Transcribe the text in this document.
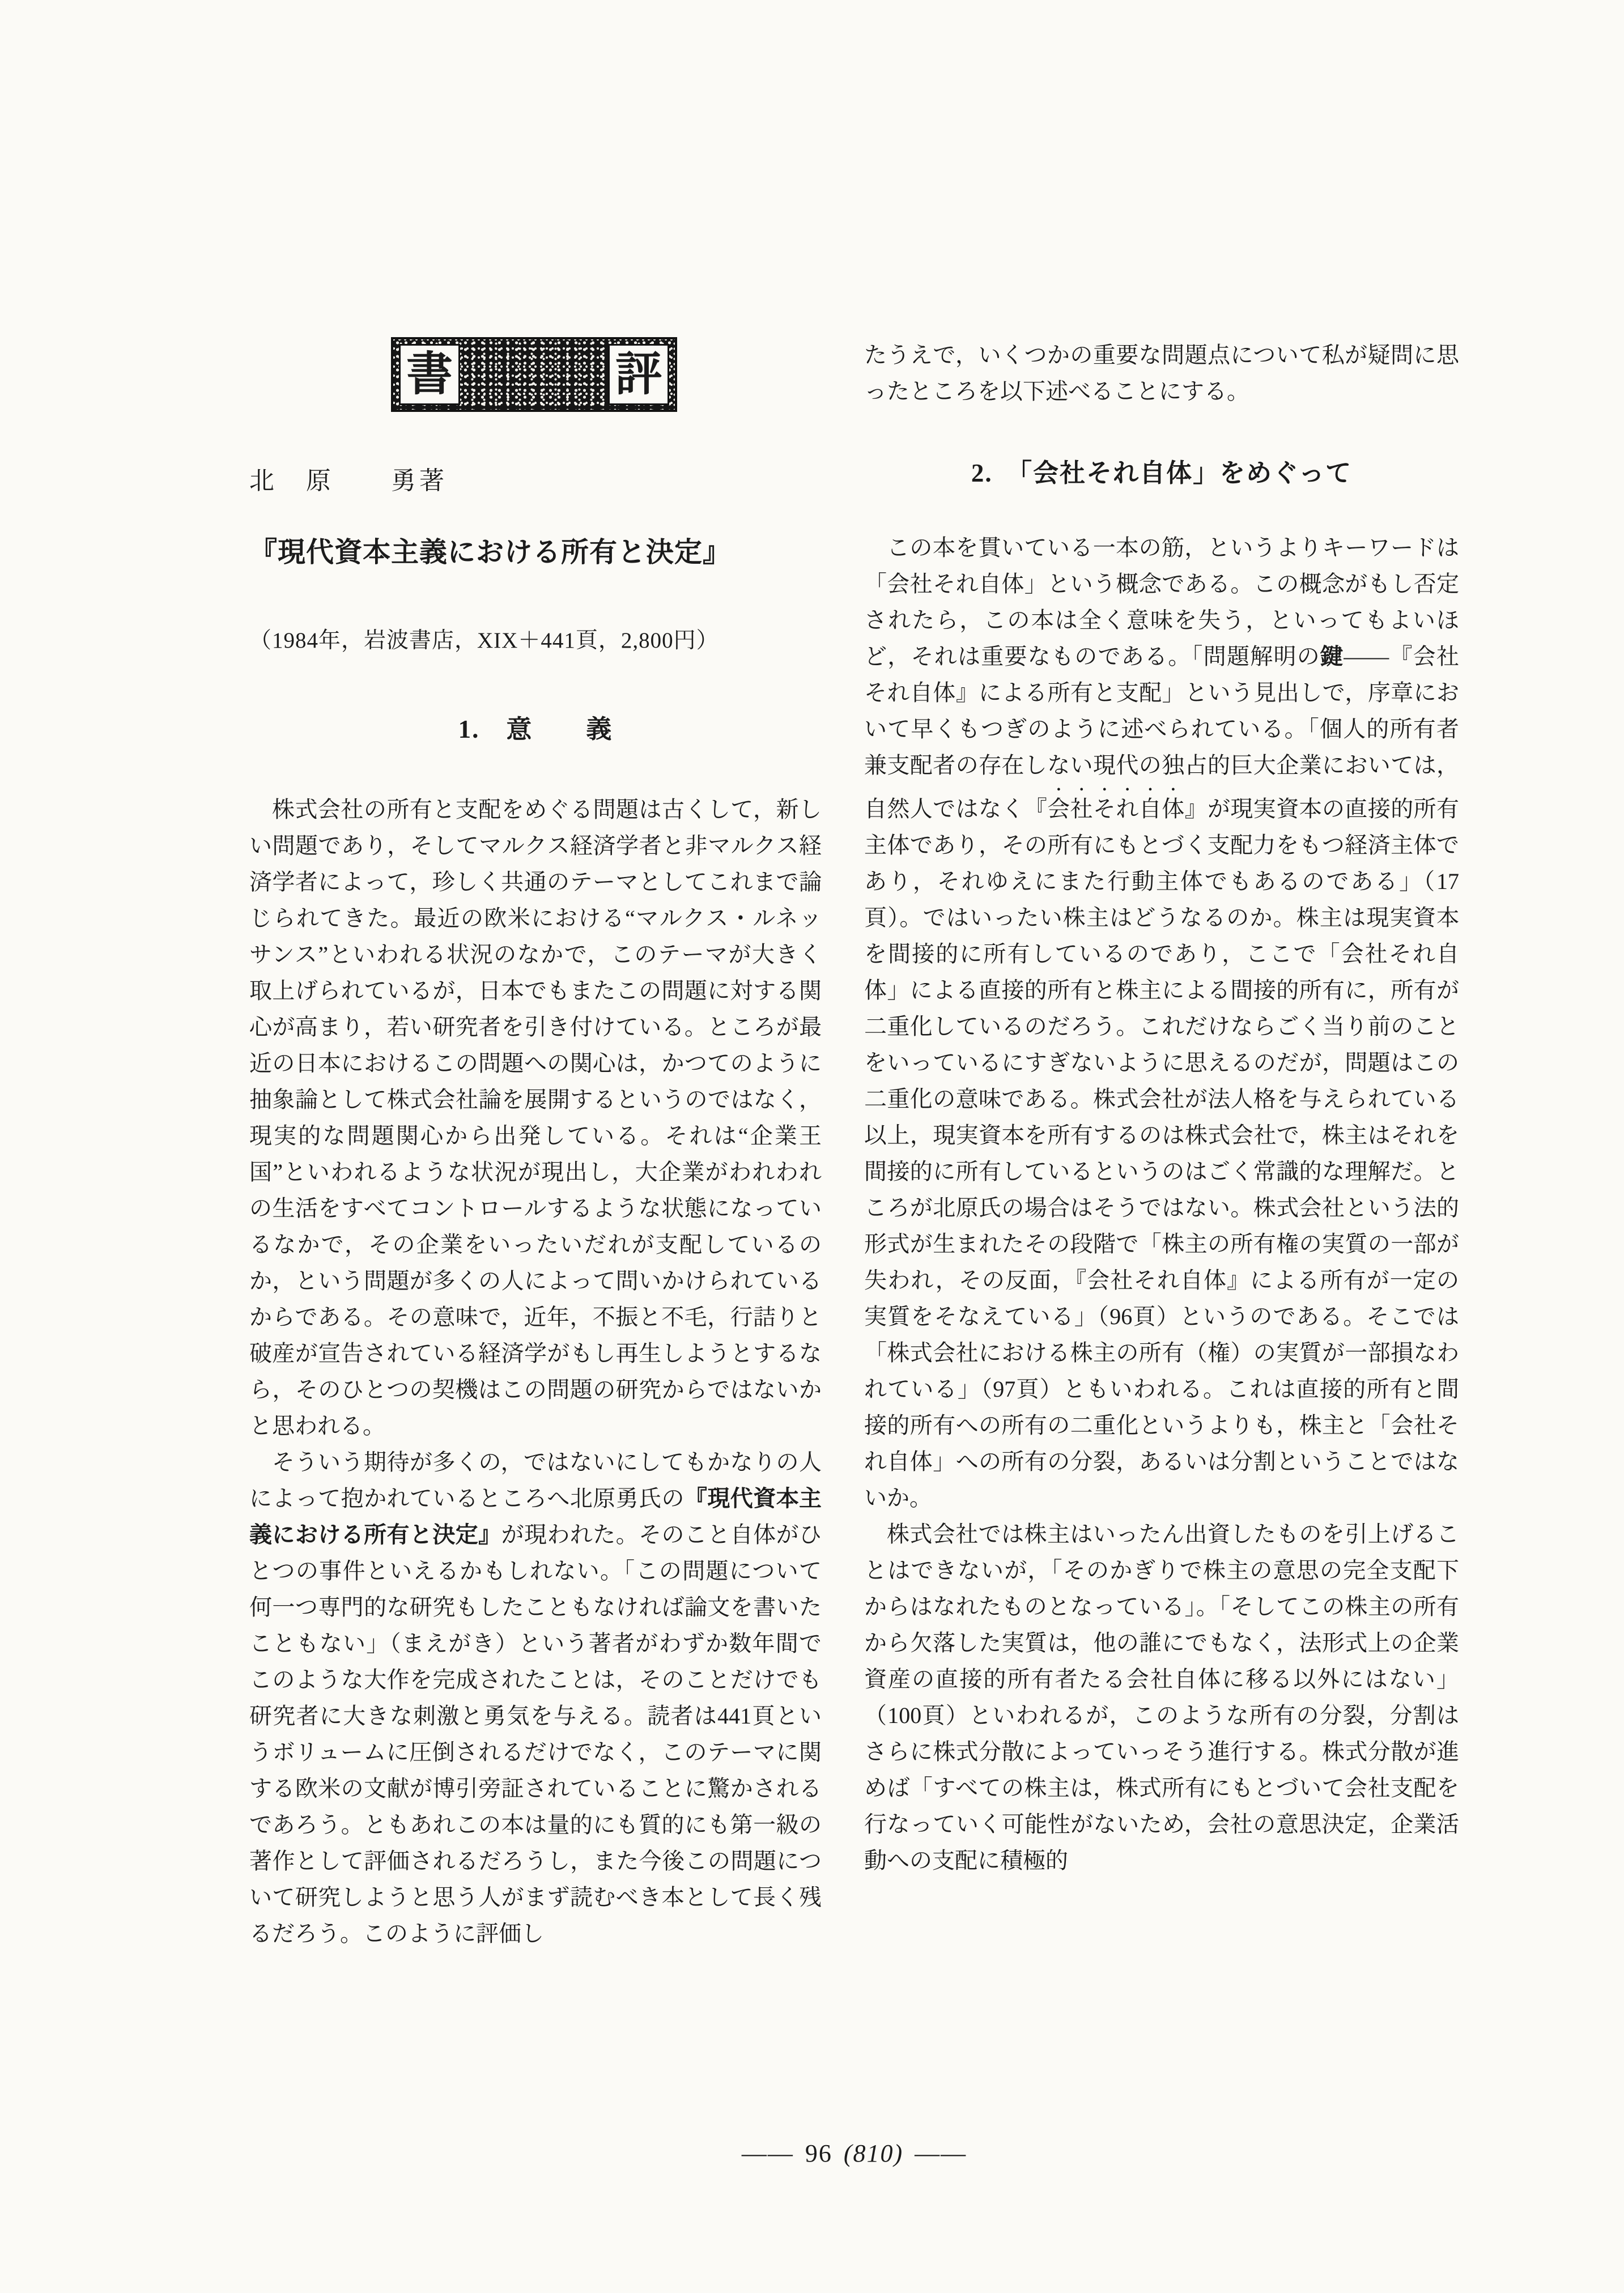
書	評
北　原　　勇著
『現代資本主義における所有と決定』
（1984年，岩波書店，XIX＋441頁，2,800円）
1.　意　　義

株式会社の所有と支配をめぐる問題は古くして，新しい問題であり，そしてマルクス経済学者と非マルクス経済学者によって，珍しく共通のテーマとしてこれまで論じられてきた。最近の欧米における“マルクス・ルネッサンス”といわれる状況のなかで，このテーマが大きく取上げられているが，日本でもまたこの問題に対する関心が高まり，若い研究者を引き付けている。ところが最近の日本におけるこの問題への関心は，かつてのように抽象論として株式会社論を展開するというのではなく，現実的な問題関心から出発している。それは“企業王国”といわれるような状況が現出し，大企業がわれわれの生活をすべてコントロールするような状態になっているなかで，その企業をいったいだれが支配しているのか，という問題が多くの人によって問いかけられているからである。その意味で，近年，不振と不毛，行詰りと破産が宣告されている経済学がもし再生しようとするなら，そのひとつの契機はこの問題の研究からではないかと思われる。

そういう期待が多くの，ではないにしてもかなりの人によって抱かれているところへ北原勇氏の『現代資本主義における所有と決定』が現われた。そのこと自体がひとつの事件といえるかもしれない。「この問題について何一つ専門的な研究もしたこともなければ論文を書いたこともない」（まえがき）という著者がわずか数年間でこのような大作を完成されたことは，そのことだけでも研究者に大きな刺激と勇気を与える。読者は441頁というボリュームに圧倒されるだけでなく，このテーマに関する欧米の文献が博引旁証されていることに驚かされるであろう。ともあれこの本は量的にも質的にも第一級の著作として評価されるだろうし，また今後この問題について研究しようと思う人がまず読むべき本として長く残るだろう。このように評価し

たうえで，いくつかの重要な問題点について私が疑問に思ったところを以下述べることにする。

2.　「会社それ自体」をめぐって

この本を貫いている一本の筋，というよりキーワードは「会社それ自体」という概念である。この概念がもし否定されたら，この本は全く意味を失う，といってもよいほど，それは重要なものである。「問題解明の鍵——『会社それ自体』による所有と支配」という見出しで，序章において早くもつぎのように述べられている。「個人的所有者兼支配者の存在しない現代の独占的巨大企業においては，自然人ではなく『会社それ自体』が現実資本の直接的所有主体であり，その所有にもとづく支配力をもつ経済主体であり，それゆえにまた行動主体でもあるのである」（17頁）。ではいったい株主はどうなるのか。株主は現実資本を間接的に所有しているのであり，ここで「会社それ自体」による直接的所有と株主による間接的所有に，所有が二重化しているのだろう。これだけならごく当り前のことをいっているにすぎないように思えるのだが，問題はこの二重化の意味である。株式会社が法人格を与えられている以上，現実資本を所有するのは株式会社で，株主はそれを間接的に所有しているというのはごく常識的な理解だ。ところが北原氏の場合はそうではない。株式会社という法的形式が生まれたその段階で「株主の所有権の実質の一部が失われ，その反面，『会社それ自体』による所有が一定の実質をそなえている」（96頁）というのである。そこでは「株式会社における株主の所有（権）の実質が一部損なわれている」（97頁）ともいわれる。これは直接的所有と間接的所有への所有の二重化というよりも，株主と「会社それ自体」への所有の分裂，あるいは分割ということではないか。

株式会社では株主はいったん出資したものを引上げることはできないが，「そのかぎりで株主の意思の完全支配下からはなれたものとなっている」。「そしてこの株主の所有から欠落した実質は，他の誰にでもなく，法形式上の企業資産の直接的所有者たる会社自体に移る以外にはない」（100頁）といわれるが，このような所有の分裂，分割はさらに株式分散によっていっそう進行する。株式分散が進めば「すべての株主は，株式所有にもとづいて会社支配を行なっていく可能性がないため，会社の意思決定，企業活動への支配に積極的

—— 96 (810) ——
